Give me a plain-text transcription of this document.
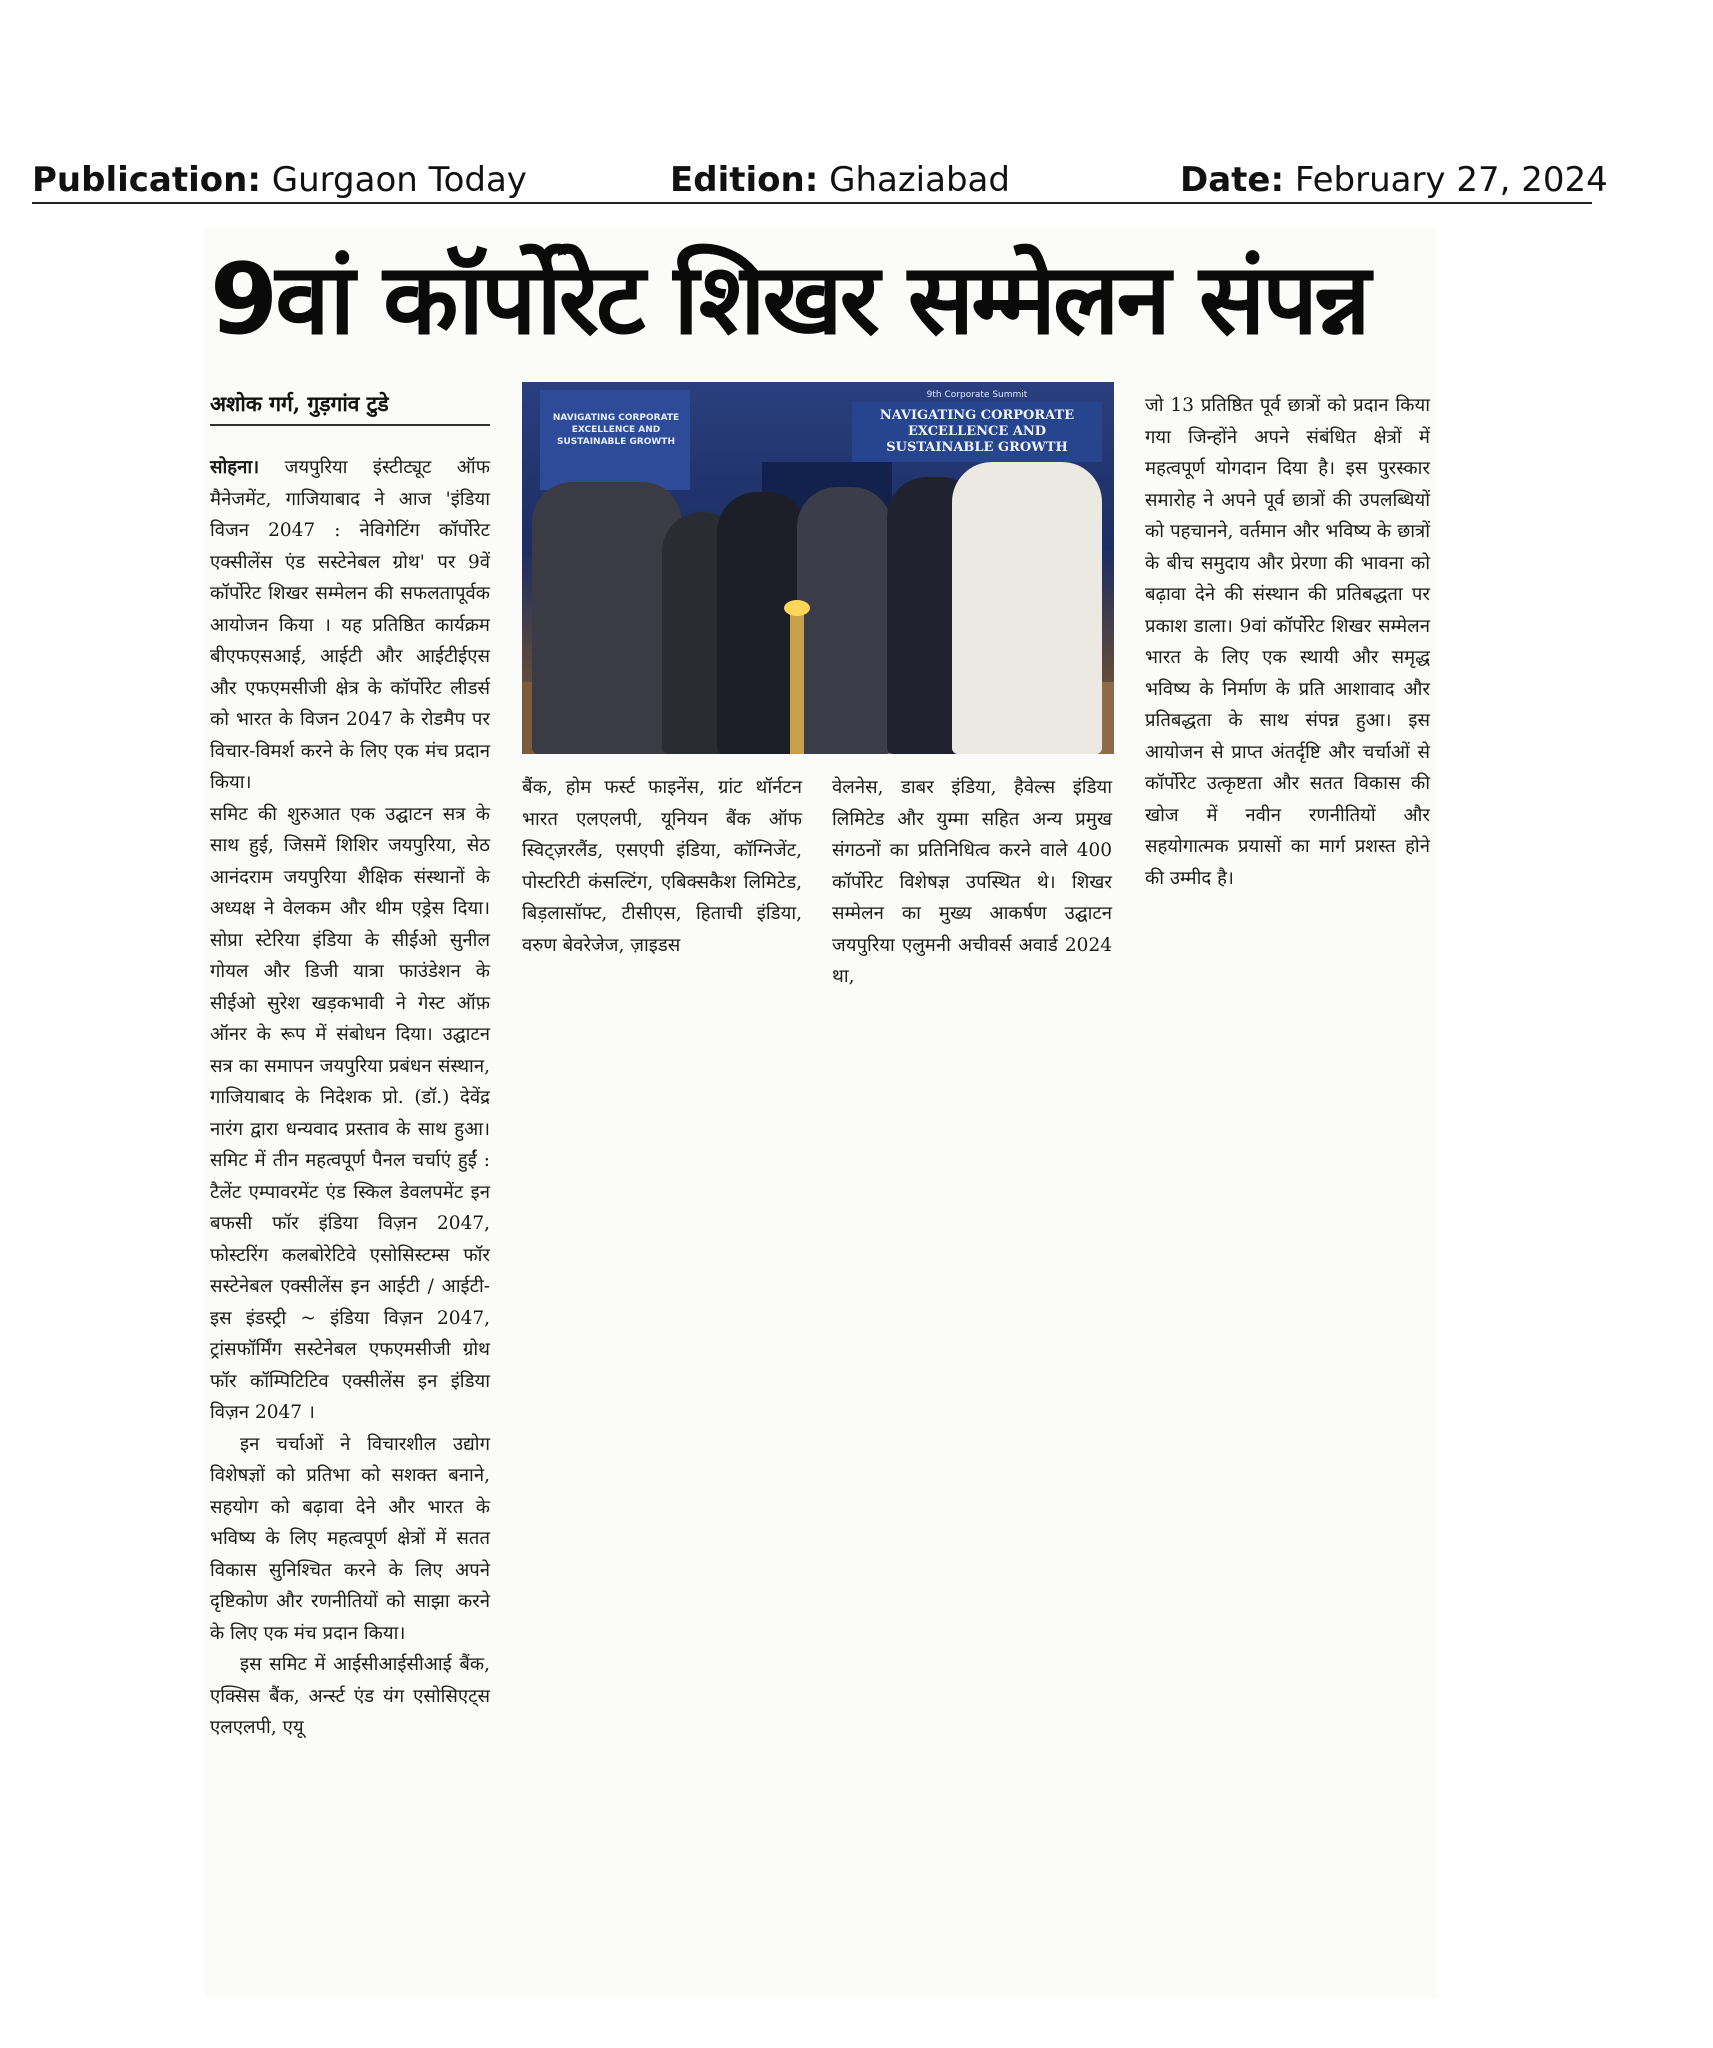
Publication: Gurgaon Today	Edition: Ghaziabad	Date: February 27, 2024
9वां कॉर्पोरेट शिखर सम्मेलन संपन्न
अशोक गर्ग, गुड़गांव टुडे

सोहना। जयपुरिया इंस्टीट्यूट ऑफ मैनेजमेंट, गाजियाबाद ने आज 'इंडिया विजन 2047 : नेविगेटिंग कॉर्पोरेट एक्सीलेंस एंड सस्टेनेबल ग्रोथ' पर 9वें कॉर्पोरेट शिखर सम्मेलन की सफलतापूर्वक आयोजन किया । यह प्रतिष्ठित कार्यक्रम बीएफएसआई, आईटी और आईटीईएस और एफएमसीजी क्षेत्र के कॉर्पोरेट लीडर्स को भारत के विजन 2047 के रोडमैप पर विचार-विमर्श करने के लिए एक मंच प्रदान किया।

समिट की शुरुआत एक उद्घाटन सत्र के साथ हुई, जिसमें शिशिर जयपुरिया, सेठ आनंदराम जयपुरिया शैक्षिक संस्थानों के अध्यक्ष ने वेलकम और थीम एड्रेस दिया। सोप्रा स्टेरिया इंडिया के सीईओ सुनील गोयल और डिजी यात्रा फाउंडेशन के सीईओ सुरेश खड़कभावी ने गेस्ट ऑफ़ ऑनर के रूप में संबोधन दिया। उद्घाटन सत्र का समापन जयपुरिया प्रबंधन संस्थान, गाजियाबाद के निदेशक प्रो. (डॉ.) देवेंद्र नारंग द्वारा धन्यवाद प्रस्ताव के साथ हुआ। समिट में तीन महत्वपूर्ण पैनल चर्चाएं हुईं : टैलेंट एम्पावरमेंट एंड स्किल डेवलपमेंट इन बफसी फॉर इंडिया विज़न 2047, फोस्टरिंग कलबोरेटिवे एसोसिस्टम्स फॉर सस्टेनेबल एक्सीलेंस इन आईटी / आईटी-इस इंडस्ट्री ~ इंडिया विज़न 2047, ट्रांसफॉर्मिंग सस्टेनेबल एफएमसीजी ग्रोथ फॉर कॉम्पिटिटिव एक्सीलेंस इन इंडिया विज़न 2047 ।

इन चर्चाओं ने विचारशील उद्योग विशेषज्ञों को प्रतिभा को सशक्त बनाने, सहयोग को बढ़ावा देने और भारत के भविष्य के लिए महत्वपूर्ण क्षेत्रों में सतत विकास सुनिश्चित करने के लिए अपने दृष्टिकोण और रणनीतियों को साझा करने के लिए एक मंच प्रदान किया।

इस समिट में आईसीआईसीआई बैंक, एक्सिस बैंक, अर्न्स्ट एंड यंग एसोसिएट्स एलएलपी, एयू

NAVIGATING CORPORATE EXCELLENCE AND SUSTAINABLE GROWTH
9th Corporate Summit
NAVIGATING CORPORATE EXCELLENCE AND SUSTAINABLE GROWTH

बैंक, होम फर्स्ट फाइनेंस, ग्रांट थॉर्नटन भारत एलएलपी, यूनियन बैंक ऑफ स्विट्ज़रलैंड, एसएपी इंडिया, कॉग्निजेंट, पोस्टरिटी कंसल्टिंग, एबिक्सकैश लिमिटेड, बिड़लासॉफ्ट, टीसीएस, हिताची इंडिया, वरुण बेवरेजेज, ज़ाइडस

वेलनेस, डाबर इंडिया, हैवेल्स इंडिया लिमिटेड और युम्मा सहित अन्य प्रमुख संगठनों का प्रतिनिधित्व करने वाले 400 कॉर्पोरेट विशेषज्ञ उपस्थित थे। शिखर सम्मेलन का मुख्य आकर्षण उद्घाटन जयपुरिया एलुमनी अचीवर्स अवार्ड 2024 था,

जो 13 प्रतिष्ठित पूर्व छात्रों को प्रदान किया गया जिन्होंने अपने संबंधित क्षेत्रों में महत्वपूर्ण योगदान दिया है। इस पुरस्कार समारोह ने अपने पूर्व छात्रों की उपलब्धियों को पहचानने, वर्तमान और भविष्य के छात्रों के बीच समुदाय और प्रेरणा की भावना को बढ़ावा देने की संस्थान की प्रतिबद्धता पर प्रकाश डाला। 9वां कॉर्पोरेट शिखर सम्मेलन भारत के लिए एक स्थायी और समृद्ध भविष्य के निर्माण के प्रति आशावाद और प्रतिबद्धता के साथ संपन्न हुआ। इस आयोजन से प्राप्त अंतर्दृष्टि और चर्चाओं से कॉर्पोरेट उत्कृष्टता और सतत विकास की खोज में नवीन रणनीतियों और सहयोगात्मक प्रयासों का मार्ग प्रशस्त होने की उम्मीद है।
